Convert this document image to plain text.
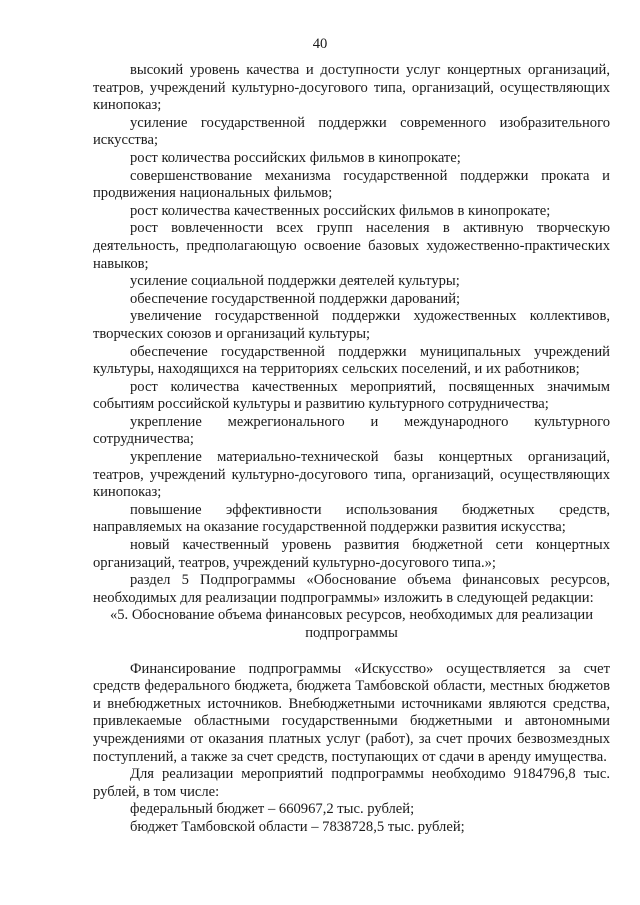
40

высокий уровень качества и доступности услуг концертных организаций, театров, учреждений культурно-досугового типа, организаций, осуществляющих кинопоказ;

усиление государственной поддержки современного изобразительного искусства;

рост количества российских фильмов в кинопрокате;

совершенствование механизма государственной поддержки проката и продвижения национальных фильмов;

рост количества качественных российских фильмов в кинопрокате;

рост вовлеченности всех групп населения в активную творческую деятельность, предполагающую освоение базовых художественно-практических навыков;

усиление социальной поддержки деятелей культуры;

обеспечение государственной поддержки дарований;

увеличение государственной поддержки художественных коллективов, творческих союзов и организаций культуры;

обеспечение государственной поддержки муниципальных учреждений культуры, находящихся на территориях сельских поселений, и их работников;

рост количества качественных мероприятий, посвященных значимым событиям российской культуры и развитию культурного сотрудничества;

укрепление межрегионального и международного культурного сотрудничества;

укрепление материально-технической базы концертных организаций, театров, учреждений культурно-досугового типа, организаций, осуществляющих кинопоказ;

повышение эффективности использования бюджетных средств, направляемых на оказание государственной поддержки развития искусства;

новый качественный уровень развития бюджетной сети концертных организаций, театров, учреждений культурно-досугового типа.»;

раздел 5 Подпрограммы «Обоснование объема финансовых ресурсов, необходимых для реализации подпрограммы» изложить в следующей редакции:

«5. Обоснование объема финансовых ресурсов, необходимых для реализации подпрограммы

Финансирование подпрограммы «Искусство» осуществляется за счет средств федерального бюджета, бюджета Тамбовской области, местных бюджетов и внебюджетных источников. Внебюджетными источниками являются средства, привлекаемые областными государственными бюджетными и автономными учреждениями от оказания платных услуг (работ), за счет прочих безвозмездных поступлений, а также за счет средств, поступающих от сдачи в аренду имущества.

Для реализации мероприятий подпрограммы необходимо 9184796,8 тыс. рублей, в том числе:

федеральный бюджет – 660967,2 тыс. рублей;

бюджет Тамбовской области – 7838728,5 тыс. рублей;
